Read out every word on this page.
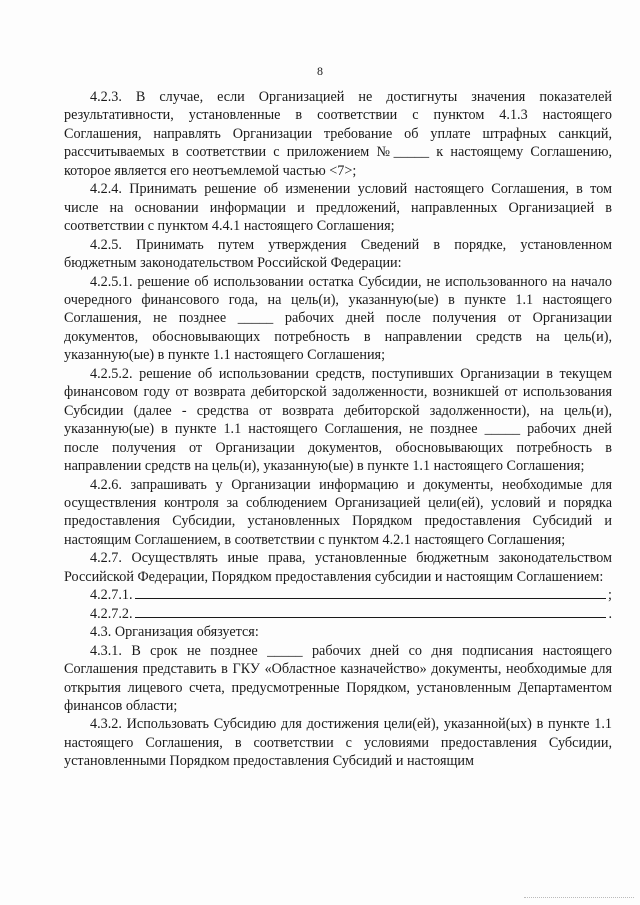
8

4.2.3. В случае, если Организацией не достигнуты значения показателей результативности, установленные в соответствии с пунктом 4.1.3 настоящего Соглашения, направлять Организации требование об уплате штрафных санкций, рассчитываемых в соответствии с приложением №_____ к настоящему Соглашению, которое является его неотъемлемой частью <7>;

4.2.4. Принимать решение об изменении условий настоящего Соглашения, в том числе на основании информации и предложений, направленных Организацией в соответствии с пунктом 4.4.1 настоящего Соглашения;

4.2.5. Принимать путем утверждения Сведений в порядке, установленном бюджетным законодательством Российской Федерации:

4.2.5.1. решение об использовании остатка Субсидии, не использованного на начало очередного финансового года, на цель(и), указанную(ые) в пункте 1.1 настоящего Соглашения, не позднее _____ рабочих дней после получения от Организации документов, обосновывающих потребность в направлении средств на цель(и), указанную(ые) в пункте 1.1 настоящего Соглашения;

4.2.5.2. решение об использовании средств, поступивших Организации в текущем финансовом году от возврата дебиторской задолженности, возникшей от использования Субсидии (далее - средства от возврата дебиторской задолженности), на цель(и), указанную(ые) в пункте 1.1 настоящего Соглашения, не позднее _____ рабочих дней после получения от Организации документов, обосновывающих потребность в направлении средств на цель(и), указанную(ые) в пункте 1.1 настоящего Соглашения;

4.2.6. запрашивать у Организации информацию и документы, необходимые для осуществления контроля за соблюдением Организацией цели(ей), условий и порядка предоставления Субсидии, установленных Порядком предоставления Субсидий и настоящим Соглашением, в соответствии с пунктом 4.2.1 настоящего Соглашения;

4.2.7. Осуществлять иные права, установленные бюджетным законодательством Российской Федерации, Порядком предоставления субсидии и настоящим Соглашением:

4.2.7.1.	;
4.2.7.2.	.

4.3. Организация обязуется:

4.3.1. В срок не позднее _____ рабочих дней со дня подписания настоящего Соглашения представить в ГКУ «Областное казначейство» документы, необходимые для открытия лицевого счета, предусмотренные Порядком, установленным Департаментом финансов области;

4.3.2. Использовать Субсидию для достижения цели(ей), указанной(ых) в пункте 1.1 настоящего Соглашения, в соответствии с условиями предоставления Субсидии, установленными Порядком предоставления Субсидий и настоящим
